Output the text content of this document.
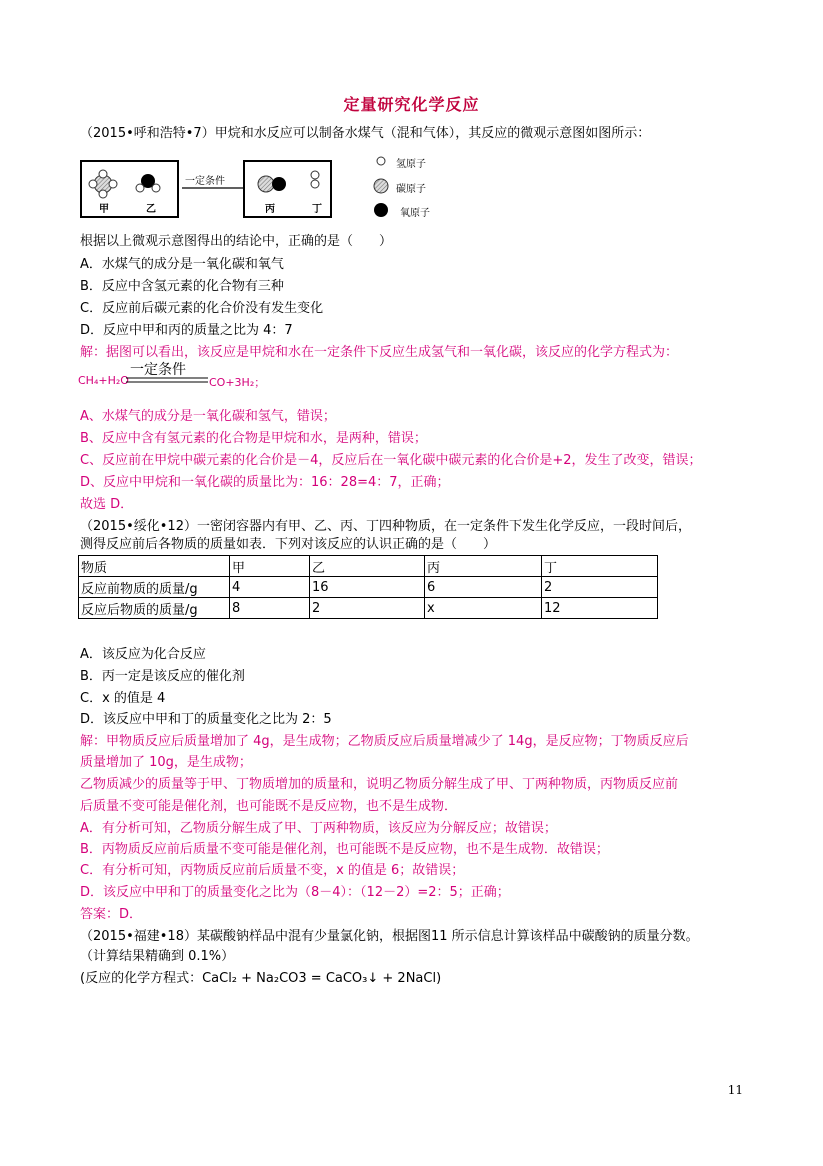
定量研究化学反应
（2015•呼和浩特•7）甲烷和水反应可以制备水煤气（混和气体），其反应的微观示意图如图所示：
甲	乙
一定条件
丙	丁
氢原子
碳原子
氧原子
根据以上微观示意图得出的结论中，正确的是（　　）
A．水煤气的成分是一氧化碳和氧气
B．反应中含氢元素的化合物有三种
C．反应前后碳元素的化合价没有发生变化
D．反应中甲和丙的质量之比为 4：7
解：据图可以看出，该反应是甲烷和水在一定条件下反应生成氢气和一氧化碳，该反应的化学方程式为：
CH₄+H₂O
一定条件
CO+3H₂；
A、水煤气的成分是一氧化碳和氢气，错误；
B、反应中含有氢元素的化合物是甲烷和水，是两种，错误；
C、反应前在甲烷中碳元素的化合价是－4，反应后在一氧化碳中碳元素的化合价是+2，发生了改变，错误；
D、反应中甲烷和一氧化碳的质量比为：16：28=4：7，正确；
故选 D．
（2015•绥化•12）一密闭容器内有甲、乙、丙、丁四种物质，在一定条件下发生化学反应，一段时间后，
测得反应前后各物质的质量如表．下列对该反应的认识正确的是（　　）
物质	甲	乙	丙	丁
反应前物质的质量/g	4	16	6	2
反应后物质的质量/g	8	2	x	12
A．该反应为化合反应
B．丙一定是该反应的催化剂
C．x 的值是 4
D．该反应中甲和丁的质量变化之比为 2：5
解：甲物质反应后质量增加了 4g，是生成物；乙物质反应后质量增减少了 14g，是反应物；丁物质反应后
质量增加了 10g，是生成物；
乙物质减少的质量等于甲、丁物质增加的质量和，说明乙物质分解生成了甲、丁两种物质，丙物质反应前
后质量不变可能是催化剂，也可能既不是反应物，也不是生成物．
A．有分析可知，乙物质分解生成了甲、丁两种物质，该反应为分解反应；故错误；
B．丙物质反应前后质量不变可能是催化剂，也可能既不是反应物，也不是生成物．故错误；
C．有分析可知，丙物质反应前后质量不变，x 的值是 6；故错误；
D．该反应中甲和丁的质量变化之比为（8－4）：（12－2）=2：5；正确；
答案：D．
（2015•福建•18）某碳酸钠样品中混有少量氯化钠，根据图11 所示信息计算该样品中碳酸钠的质量分数。
（计算结果精确到 0.1%）
(反应的化学方程式：CaCl₂ + Na₂CO3 = CaCO₃↓ + 2NaCl)
11
